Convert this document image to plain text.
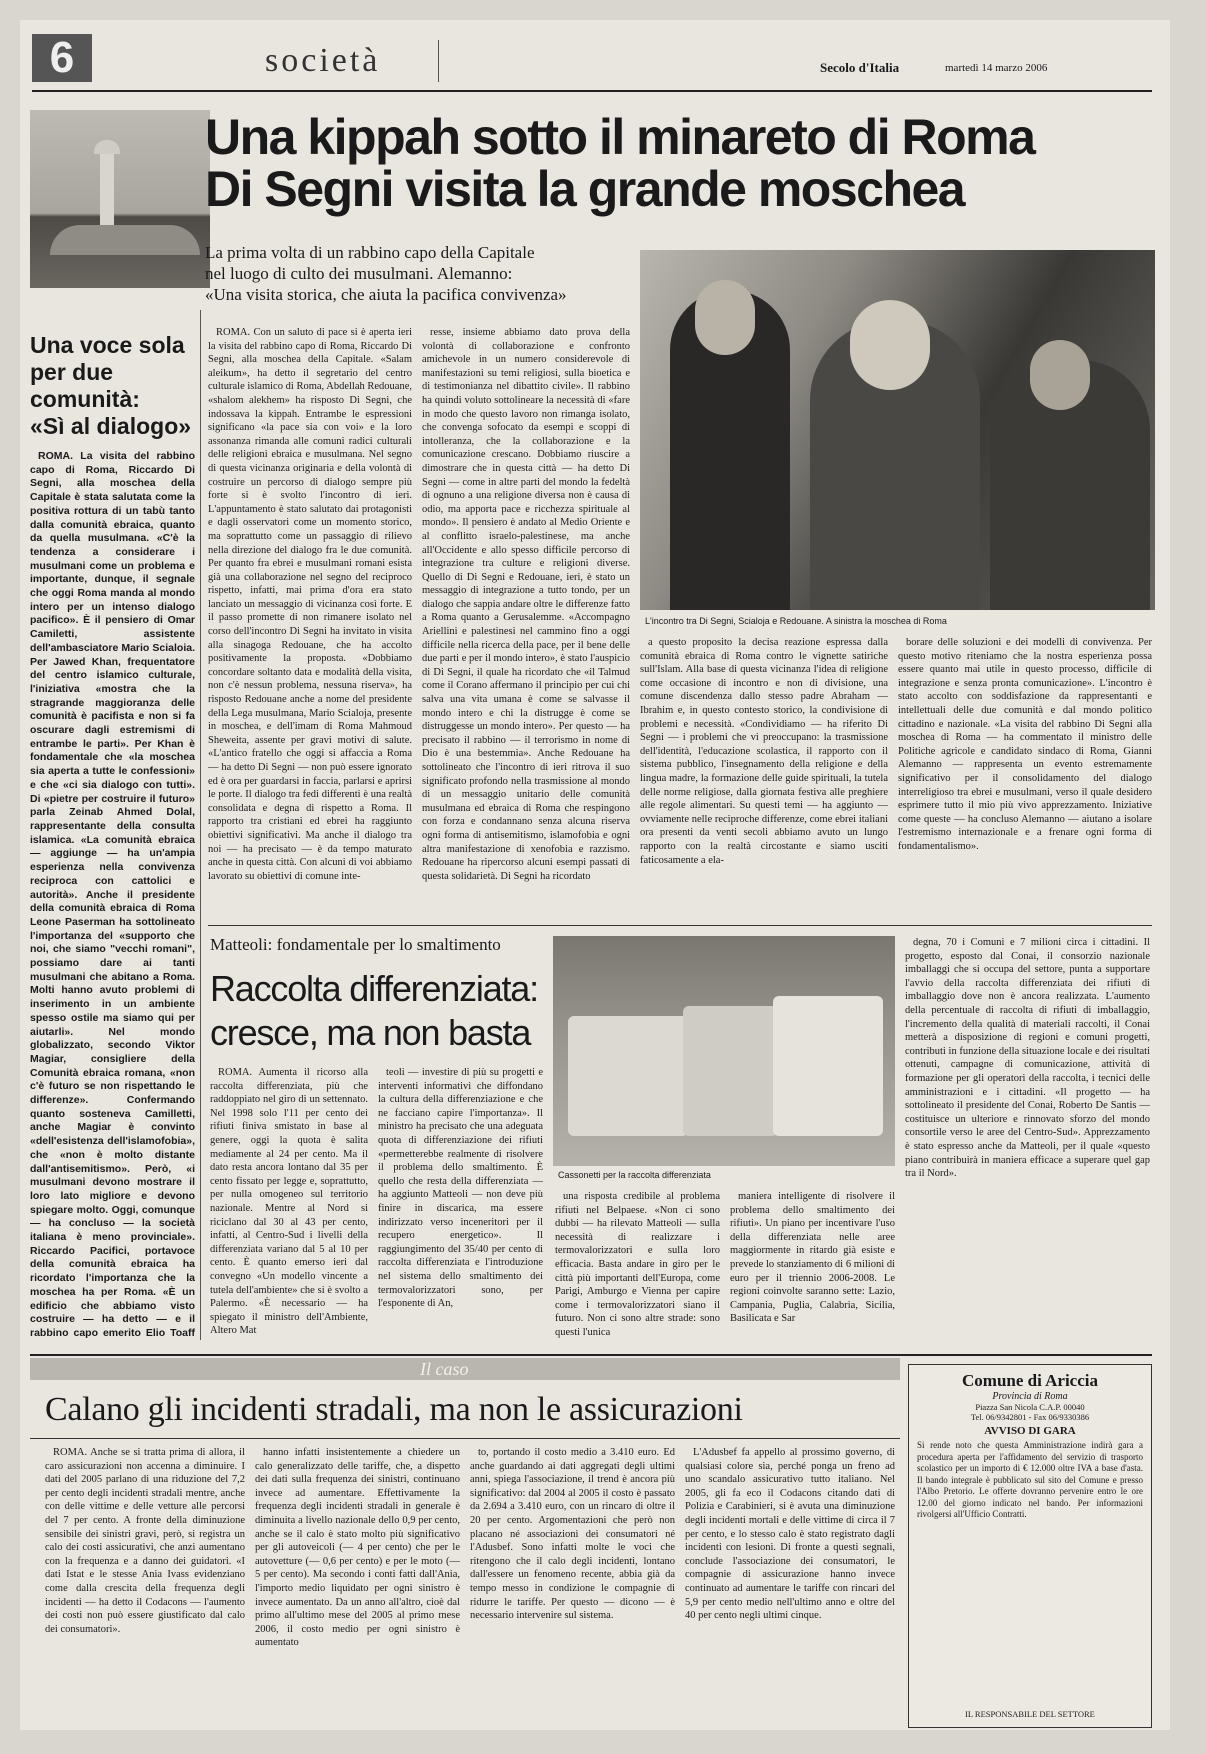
6	società	Secolo d'Italia	martedì 14 marzo 2006
Una kippah sotto il minareto di Roma
Di Segni visita la grande moschea
La prima volta di un rabbino capo della Capitale
nel luogo di culto dei musulmani. Alemanno:
«Una visita storica, che aiuta la pacifica convivenza»
L'incontro tra Di Segni, Scialoja e Redouane. A sinistra la moschea di Roma

ROMA. Con un saluto di pace si è aperta ieri la visita del rabbino capo di Roma, Riccardo Di Segni, alla moschea della Capitale. «Salam aleikum», ha detto il segretario del centro culturale islamico di Roma, Abdellah Redouane, «shalom alekhem» ha risposto Di Segni, che indossava la kippah. Entrambe le espressioni significano «la pace sia con voi» e la loro assonanza rimanda alle comuni radici culturali delle religioni ebraica e musulmana. Nel segno di questa vicinanza originaria e della volontà di costruire un percorso di dialogo sempre più forte si è svolto l'incontro di ieri. L'appuntamento è stato salutato dai protagonisti e dagli osservatori come un momento storico, ma soprattutto come un passaggio di rilievo nella direzione del dialogo fra le due comunità. Per quanto fra ebrei e musulmani romani esista già una collaborazione nel segno del reciproco rispetto, infatti, mai prima d'ora era stato lanciato un messaggio di vicinanza così forte. E il passo promette di non rimanere isolato nel corso dell'incontro Di Segni ha invitato in visita alla sinagoga Redouane, che ha accolto positivamente la proposta. «Dobbiamo concordare soltanto data e modalità della visita, non c'è nessun problema, nessuna riserva», ha risposto Redouane anche a nome del presidente della Lega musulmana, Mario Scialoja, presente in moschea, e dell'imam di Roma Mahmoud Sheweita, assente per gravi motivi di salute. «L'antico fratello che oggi si affaccia a Roma — ha detto Di Segni — non può essere ignorato ed è ora per guardarsi in faccia, parlarsi e aprirsi le porte. Il dialogo tra fedi differenti è una realtà consolidata e degna di rispetto a Roma. Il rapporto tra cristiani ed ebrei ha raggiunto obiettivi significativi. Ma anche il dialogo tra noi — ha precisato — è da tempo maturato anche in questa città. Con alcuni di voi abbiamo lavorato su obiettivi di comune inte-

resse, insieme abbiamo dato prova della volontà di collaborazione e confronto amichevole in un numero considerevole di manifestazioni su temi religiosi, sulla bioetica e di testimonianza nel dibattito civile». Il rabbino ha quindi voluto sottolineare la necessità di «fare in modo che questo lavoro non rimanga isolato, che convenga sofocato da esempi e scoppi di intolleranza, che la collaborazione e la comunicazione crescano. Dobbiamo riuscire a dimostrare che in questa città — ha detto Di Segni — come in altre parti del mondo la fedeltà di ognuno a una religione diversa non è causa di odio, ma apporta pace e ricchezza spirituale al mondo». Il pensiero è andato al Medio Oriente e al conflitto israelo-palestinese, ma anche all'Occidente e allo spesso difficile percorso di integrazione tra culture e religioni diverse. Quello di Di Segni e Redouane, ieri, è stato un messaggio di integrazione a tutto tondo, per un dialogo che sappia andare oltre le differenze fatto a Roma quanto a Gerusalemme. «Accompagno Ariellini e palestinesi nel cammino fino a oggi difficile nella ricerca della pace, per il bene delle due parti e per il mondo intero», è stato l'auspicio di Di Segni, il quale ha ricordato che «il Talmud come il Corano affermano il principio per cui chi salva una vita umana è come se salvasse il mondo intero e chi la distrugge è come se distruggesse un mondo intero». Per questo — ha precisato il rabbino — il terrorismo in nome di Dio è una bestemmia». Anche Redouane ha sottolineato che l'incontro di ieri ritrova il suo significato profondo nella trasmissione al mondo di un messaggio unitario delle comunità musulmana ed ebraica di Roma che respingono con forza e condannano senza alcuna riserva ogni forma di antisemitismo, islamofobia e ogni altra manifestazione di xenofobia e razzismo. Redouane ha ripercorso alcuni esempi passati di questa solidarietà. Di Segni ha ricordato

a questo proposito la decisa reazione espressa dalla comunità ebraica di Roma contro le vignette satiriche sull'Islam. Alla base di questa vicinanza l'idea di religione come occasione di incontro e non di divisione, una comune discendenza dallo stesso padre Abraham — Ibrahim e, in questo contesto storico, la condivisione di problemi e necessità. «Condividiamo — ha riferito Di Segni — i problemi che vi preoccupano: la trasmissione dell'identità, l'educazione scolastica, il rapporto con il sistema pubblico, l'insegnamento della religione e della lingua madre, la formazione delle guide spirituali, la tutela delle norme religiose, dalla giornata festiva alle preghiere alle regole alimentari. Su questi temi — ha aggiunto — ovviamente nelle reciproche differenze, come ebrei italiani ora presenti da venti secoli abbiamo avuto un lungo rapporto con la realtà circostante e siamo usciti faticosamente a ela-

borare delle soluzioni e dei modelli di convivenza. Per questo motivo riteniamo che la nostra esperienza possa essere quanto mai utile in questo processo, difficile di integrazione e senza pronta comunicazione». L'incontro è stato accolto con soddisfazione da rappresentanti e intellettuali delle due comunità e dal mondo politico cittadino e nazionale. «La visita del rabbino Di Segni alla moschea di Roma — ha commentato il ministro delle Politiche agricole e candidato sindaco di Roma, Gianni Alemanno — rappresenta un evento estremamente significativo per il consolidamento del dialogo interreligioso tra ebrei e musulmani, verso il quale desidero esprimere tutto il mio più vivo apprezzamento. Iniziative come queste — ha concluso Alemanno — aiutano a isolare l'estremismo internazionale e a frenare ogni forma di fondamentalismo».

Una voce sola
per due
comunità:
«Sì al dialogo»

ROMA. La visita del rabbino capo di Roma, Riccardo Di Segni, alla moschea della Capitale è stata salutata come la positiva rottura di un tabù tanto dalla comunità ebraica, quanto da quella musulmana. «C'è la tendenza a considerare i musulmani come un problema e importante, dunque, il segnale che oggi Roma manda al mondo intero per un intenso dialogo pacifico». È il pensiero di Omar Camiletti, assistente dell'ambasciatore Mario Scialoia. Per Jawed Khan, frequentatore del centro islamico culturale, l'iniziativa «mostra che la stragrande maggioranza delle comunità è pacifista e non si fa oscurare dagli estremismi di entrambe le parti». Per Khan è fondamentale che «la moschea sia aperta a tutte le confessioni» e che «ci sia dialogo con tutti». Di «pietre per costruire il futuro» parla Zeinab Ahmed Dolal, rappresentante della consulta islamica. «La comunità ebraica — aggiunge — ha un'ampia esperienza nella convivenza reciproca con cattolici e autorità». Anche il presidente della comunità ebraica di Roma Leone Paserman ha sottolineato l'importanza del «supporto che noi, che siamo "vecchi romani", possiamo dare ai tanti musulmani che abitano a Roma. Molti hanno avuto problemi di inserimento in un ambiente spesso ostile ma siamo qui per aiutarli». Nel mondo globalizzato, secondo Viktor Magiar, consigliere della Comunità ebraica romana, «non c'è futuro se non rispettando le differenze». Confermando quanto sostenevа Camilletti, anche Magiar è convinto «dell'esistenza dell'islamofobia», che «non è molto distante dall'antisemitismo». Però, «i musulmani devono mostrare il loro lato migliore e devono spiegare molto. Oggi, comunque — ha concluso — la società italiana è meno provinciale». Riccardo Pacifici, portavoce della comunità ebraica ha ricordato l'importanza che la moschea ha per Roma. «È un edificio che abbiamo visto costruire — ha detto — e il rabbino capo emerito Elio Toaff

Matteoli: fondamentale per lo smaltimento
Raccolta differenziata:
cresce, ma non basta
Cassonetti per la raccolta differenziata

ROMA. Aumenta il ricorso alla raccolta differenziata, più che raddoppiato nel giro di un settennato. Nel 1998 solo l'11 per cento dei rifiuti finiva smistato in base al genere, oggi la quota è salita mediamente al 24 per cento. Ma il dato resta ancora lontano dal 35 per cento fissato per legge e, soprattutto, per nulla omogeneo sul territorio nazionale. Mentre al Nord si riciclano dal 30 al 43 per cento, infatti, al Centro-Sud i livelli della differenziata variano dal 5 al 10 per cento. È quanto emerso ieri dal convegno «Un modello vincente a tutela dell'ambiente» che si è svolto a Palermo. «È necessario — ha spiegato il ministro dell'Ambiente, Altero Mat

teoli — investire di più su progetti e interventi informativi che diffondano la cultura della differenziazione e che ne facciano capire l'importanza». Il ministro ha precisato che una adeguata quota di differenziazione dei rifiuti «permetterebbe realmente di risolvere il problema dello smaltimento. È quello che resta della differenziata — ha aggiunto Matteoli — non deve più finire in discarica, ma essere indirizzato verso inceneritori per il recupero energetico». Il raggiungimento del 35/40 per cento di raccolta differenziata e l'introduzione nel sistema dello smaltimento dei termovalorizzatori sono, per l'esponente di An,

una risposta credibile al problema rifiuti nel Belpaese. «Non ci sono dubbi — ha rilevato Matteoli — sulla necessità di realizzare i termovalorizzatori e sulla loro efficacia. Basta andare in giro per le città più importanti dell'Europa, come Parigi, Amburgo e Vienna per capire come i termovalorizzatori siano il futuro. Non ci sono altre strade: sono questi l'unica

maniera intelligente di risolvere il problema dello smaltimento dei rifiuti». Un piano per incentivare l'uso della differenziata nelle aree maggiormente in ritardo già esiste e prevede lo stanziamento di 6 milioni di euro per il triennio 2006-2008. Le regioni coinvolte saranno sette: Lazio, Campania, Puglia, Calabria, Sicilia, Basilicata e Sar

degna, 70 i Comuni e 7 milioni circa i cittadini. Il progetto, esposto dal Conai, il consorzio nazionale imballaggi che si occupa del settore, punta a supportare l'avvio della raccolta differenziata dei rifiuti di imballaggio dove non è ancora realizzata. L'aumento della percentuale di raccolta di rifiuti di imballaggio, l'incremento della qualità di materiali raccolti, il Conai metterà a disposizione di regioni e comuni progetti, contributi in funzione della situazione locale e dei risultati ottenuti, campagne di comunicazione, attività di formazione per gli operatori della raccolta, i tecnici delle amministrazioni e i cittadini. «Il progetto — ha sottolineato il presidente del Conai, Roberto De Santis — costituisce un ulteriore e rinnovato sforzo del mondo consortile verso le aree del Centro-Sud». Apprezzamento è stato espresso anche da Matteoli, per il quale «questo piano contribuirà in maniera efficace a superare quel gap tra il Nord».

Il caso
Calano gli incidenti stradali, ma non le assicurazioni

ROMA. Anche se si tratta prima di allora, il caro assicurazioni non accenna a diminuire. I dati del 2005 parlano di una riduzione del 7,2 per cento degli incidenti stradali mentre, anche con delle vittime e delle vetture alle percorsi del 7 per cento. A fronte della diminuzione sensibile dei sinistri gravi, però, si registra un calo dei costi assicurativi, che anzi aumentano con la frequenza e a danno dei guidatori. «I dati Istat e le stesse Ania Ivass evidenziano come dalla crescita della frequenza degli incidenti — ha detto il Codacons — l'aumento dei costi non può essere giustificato dal calo dei consumatori».

hanno infatti insistentemente a chiedere un calo generalizzato delle tariffe, che, a dispetto dei dati sulla frequenza dei sinistri, continuano invece ad aumentare. Effettivamente la frequenza degli incidenti stradali in generale è diminuita a livello nazionale dello 0,9 per cento, anche se il calo è stato molto più significativo per gli autoveicoli (— 4 per cento) che per le autovetture (— 0,6 per cento) e per le moto (— 5 per cento). Ma secondo i conti fatti dall'Ania, l'importo medio liquidato per ogni sinistro è invece aumentato. Da un anno all'altro, cioè dal primo all'ultimo mese del 2005 al primo mese 2006, il costo medio per ogni sinistro è aumentato

to, portando il costo medio a 3.410 euro. Ed anche guardando ai dati aggregati degli ultimi anni, spiega l'associazione, il trend è ancora più significativo: dal 2004 al 2005 il costo è passato da 2.694 a 3.410 euro, con un rincaro di oltre il 20 per cento. Argomentazioni che però non placano né associazioni dei consumatori né l'Adusbef. Sono infatti molte le voci che ritengono che il calo degli incidenti, lontano dall'essere un fenomeno recente, abbia già da tempo messo in condizione le compagnie di ridurre le tariffe. Per questo — dicono — è necessario intervenire sul sistema.

L'Adusbef fa appello al prossimo governo, di qualsiasi colore sia, perché ponga un freno ad uno scandalo assicurativo tutto italiano. Nel 2005, gli fa eco il Codacons citando dati di Polizia e Carabinieri, si è avuta una diminuzione degli incidenti mortali e delle vittime di circa il 7 per cento, e lo stesso calo è stato registrato dagli incidenti con lesioni. Di fronte a questi segnali, conclude l'associazione dei consumatori, le compagnie di assicurazione hanno invece continuato ad aumentare le tariffe con rincari del 5,9 per cento medio nell'ultimo anno e oltre del 40 per cento negli ultimi cinque.

Comune di Ariccia
Provincia di Roma
Piazza San Nicola C.A.P. 00040
Tel. 06/9342801 - Fax 06/9330386
AVVISO DI GARA
Si rende noto che questa Amministrazione indirà gara a procedura aperta per l'affidamento del servizio di trasporto scolastico per un importo di € 12.000 oltre IVA a base d'asta. Il bando integrale è pubblicato sul sito del Comune e presso l'Albo Pretorio. Le offerte dovranno pervenire entro le ore 12.00 del giorno indicato nel bando. Per informazioni rivolgersi all'Ufficio Contratti.
IL RESPONSABILE DEL SETTORE
